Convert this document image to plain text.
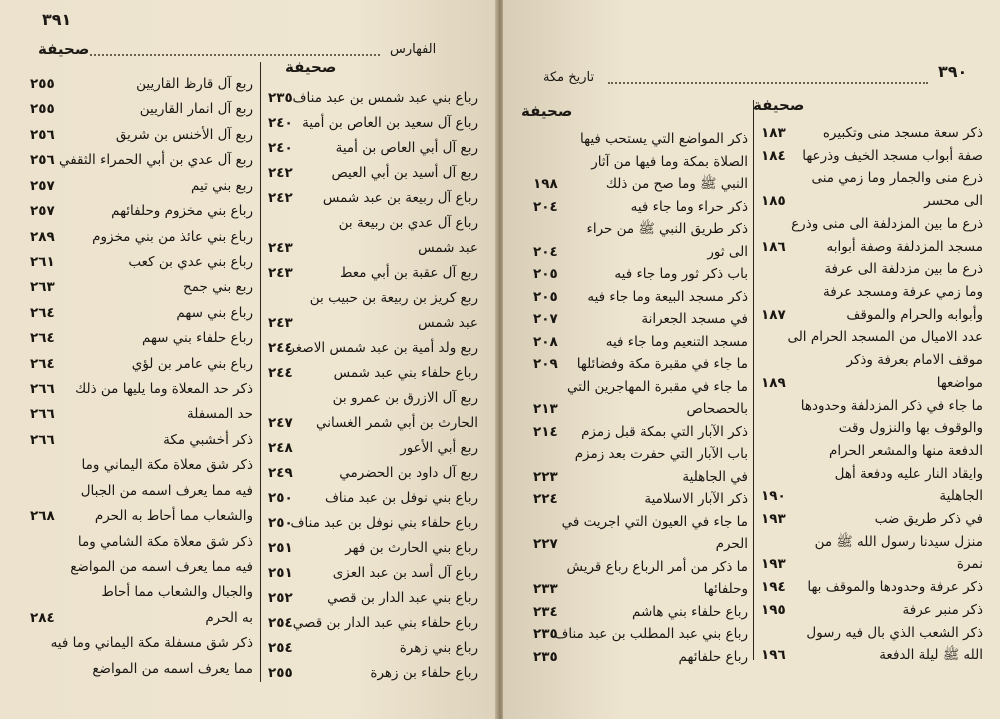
٣٩١
الفهارس
صحيفة
صحيفة
رباع بني عبد شمس بن عبد مناف
٢٣٥
رباع آل سعيد بن العاص بن أمية
٢٤٠
ربع آل أبي العاص بن أمية
٢٤٠
ربع آل أسيد بن أبي العيص
٢٤٢
رباع آل ربيعة بن عبد شمس
٢٤٢
رباع آل عدي بن ربيعة بن
عبد شمس
٢٤٣
ربع آل عقبة بن أبي معط
٢٤٣
ربع كريز بن ربيعة بن حبيب بن
عبد شمس
٢٤٣
ربع ولد أمية بن عبد شمس الاصغر
٢٤٤
رباع حلفاء بني عبد شمس
٢٤٤
ربع آل الازرق بن عمرو بن
الحارث بن أبي شمر الغساني
٢٤٧
ربع أبي الأعور
٢٤٨
ربع آل داود بن الحضرمي
٢٤٩
رباع بني نوفل بن عبد مناف
٢٥٠
رباع حلفاء بني نوفل بن عبد مناف
٢٥٠
رباع بني الحارث بن فهر
٢٥١
رباع آل أسد بن عبد العزى
٢٥١
رباع بني عبد الدار بن قصي
٢٥٢
رباع حلفاء بني عبد الدار بن قصي
٢٥٤
رباع بني زهرة
٢٥٤
رباع حلفاء بن زهرة
٢٥٥
ربع آل قارظ القاريين
٢٥٥
ربع آل انمار القاريين
٢٥٥
ربع آل الأخنس بن شريق
٢٥٦
ربع آل عدي بن أبي الحمراء الثقفي
٢٥٦
ربع بني تيم
٢٥٧
رباع بني مخزوم وحلفائهم
٢٥٧
رباع بني عائذ من بني مخزوم
٢٨٩
رباع بني عدي بن كعب
٢٦١
ربع بني جمح
٢٦٣
رباع بني سهم
٢٦٤
رباع حلفاء بني سهم
٢٦٤
رباع بني عامر بن لؤي
٢٦٤
ذكر حد المعلاة وما يليها من ذلك
٢٦٦
حد المسفلة
٢٦٦
ذكر أخشبي مكة
٢٦٦
ذكر شق معلاة مكة اليماني وما
فيه مما يعرف اسمه من الجبال
والشعاب مما أحاط به الحرم
٢٦٨
ذكر شق معلاة مكة الشامي وما
فيه مما يعرف اسمه من المواضع
والجبال والشعاب مما أحاط
به الحرم
٢٨٤
ذكر شق مسفلة مكة اليماني وما فيه
مما يعرف اسمه من المواضع
٣٩٠
تاريخ مكة
صحيفة
صحيفة
ذكر سعة مسجد منى وتكبيره
١٨٣
صفة أبواب مسجد الخيف وذرعها
١٨٤
ذرع منى والجمار وما زمي منى
الى محسر
١٨٥
ذرع ما بين المزدلفة الى منى وذرع
مسجد المزدلفة وصفة أبوابه
١٨٦
ذرع ما بين مزدلفة الى عرفة
وما زمي عرفة ومسجد عرفة
وأبوابه والحرام والموقف
١٨٧
عدد الاميال من المسجد الحرام الى
موقف الامام بعرفة وذكر
مواضعها
١٨٩
ما جاء في ذكر المزدلفة وحدودها
والوقوف بها والنزول وقت
الدفعة منها والمشعر الحرام
وايقاد النار عليه ودفعة أهل
الجاهلية
١٩٠
في ذكر طريق ضب
١٩٣
منزل سيدنا رسول الله ﷺ من
نمرة
١٩٣
ذكر عرفة وحدودها والموقف بها
١٩٤
ذكر منبر عرفة
١٩٥
ذكر الشعب الذي بال فيه رسول
الله ﷺ ليلة الدفعة
١٩٦
ذكر المواضع التي يستحب فيها
الصلاة بمكة وما فيها من آثار
النبي ﷺ وما صح من ذلك
١٩٨
ذكر حراء وما جاء فيه
٢٠٤
ذكر طريق النبي ﷺ من حراء
الى ثور
٢٠٤
باب ذكر ثور وما جاء فيه
٢٠٥
ذكر مسجد البيعة وما جاء فيه
٢٠٥
في مسجد الجعرانة
٢٠٧
مسجد التنعيم وما جاء فيه
٢٠٨
ما جاء في مقبرة مكة وفضائلها
٢٠٩
ما جاء في مقبرة المهاجرين التي
بالحصحاص
٢١٣
ذكر الآبار التي بمكة قبل زمزم
٢١٤
باب الآبار التي حفرت بعد زمزم
في الجاهلية
٢٢٣
ذكر الآبار الاسلامية
٢٢٤
ما جاء في العيون التي اجريت في
الحرم
٢٢٧
ما ذكر من أمر الرباع رباع قريش
وحلفائها
٢٣٣
رباع حلفاء بني هاشم
٢٣٤
رباع بني عبد المطلب بن عبد مناف
٢٣٥
رباع حلفائهم
٢٣٥
